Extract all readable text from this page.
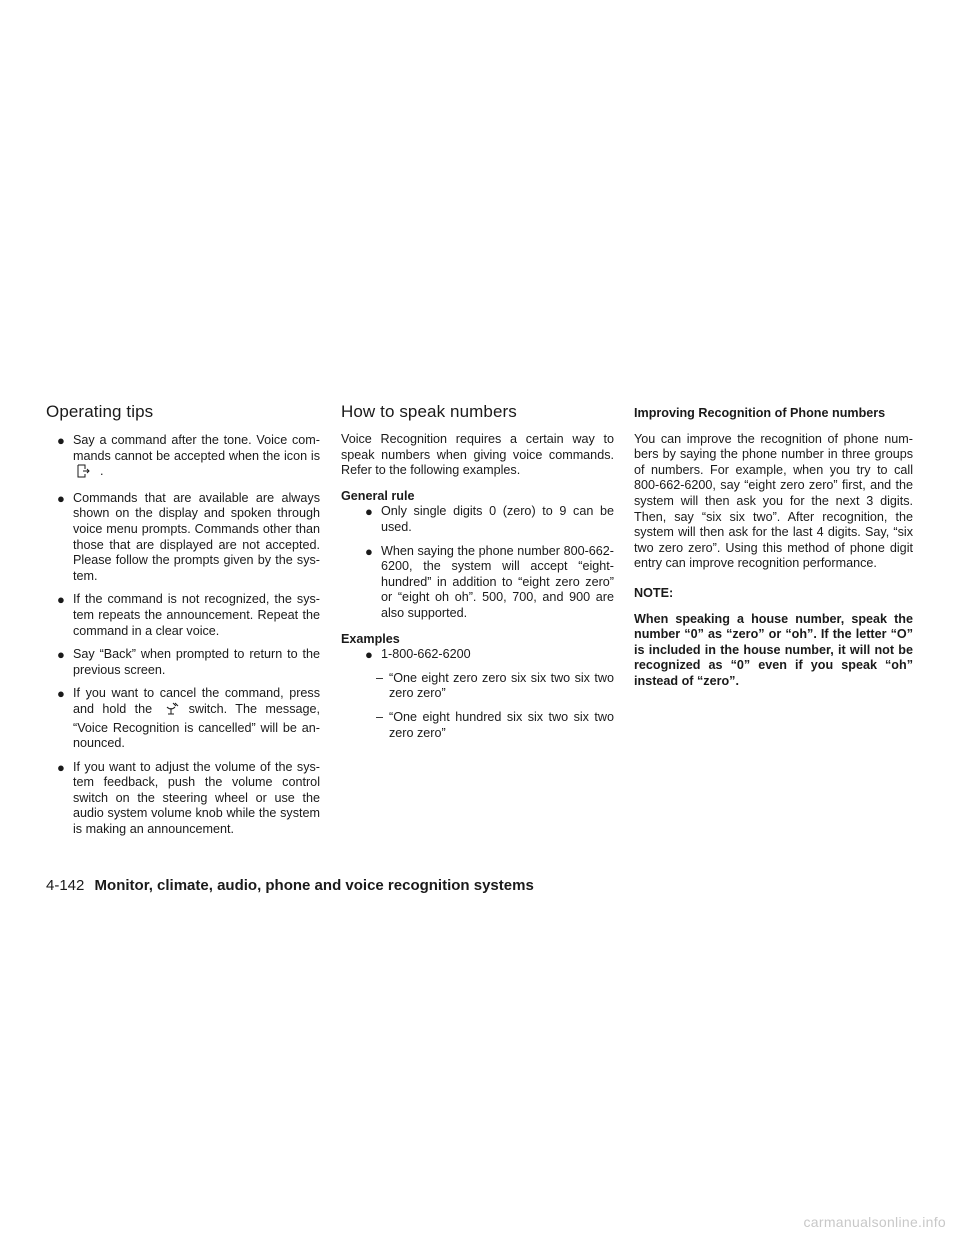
Operating tips
● Say a command after the tone. Voice com-mands cannot be accepted when the icon is .
● Commands that are available are always shown on the display and spoken through voice menu prompts. Commands other than those that are displayed are not accepted. Please follow the prompts given by the sys-tem.
● If the command is not recognized, the sys-tem repeats the announcement. Repeat the command in a clear voice.
● Say “Back” when prompted to return to the previous screen.
● If you want to cancel the command, press and hold the	switch. The message, “Voice Recognition is cancelled” will be an-nounced.
● If you want to adjust the volume of the sys-tem feedback, push the volume control switch on the steering wheel or use the audio system volume knob while the system is making an announcement.
How to speak numbers

Voice Recognition requires a certain way to speak numbers when giving voice commands. Refer to the following examples.

General rule

● Only single digits 0 (zero) to 9 can be used.
● When saying the phone number 800-662-6200, the system will accept “eight-hundred” in addition to “eight zero zero” or “eight oh oh”. 500, 700, and 900 are also supported.

Examples

● 1-800-662-6200
– “One eight zero zero six six two six two zero zero”
– “One eight hundred six six two six two zero zero”

Improving Recognition of Phone numbers

You can improve the recognition of phone num-bers by saying the phone number in three groups of numbers. For example, when you try to call 800-662-6200, say “eight zero zero” first, and the system will then ask you for the next 3 digits. Then, say “six six two”. After recognition, the system will then ask for the last 4 digits. Say, “six two zero zero”. Using this method of phone digit entry can improve recognition performance.

NOTE:

When speaking a house number, speak the number “0” as “zero” or “oh”. If the letter “O” is included in the house number, it will not be recognized as “0” even if you speak “oh” instead of “zero”.

4-142 Monitor, climate, audio, phone and voice recognition systems
carmanualsonline.info
